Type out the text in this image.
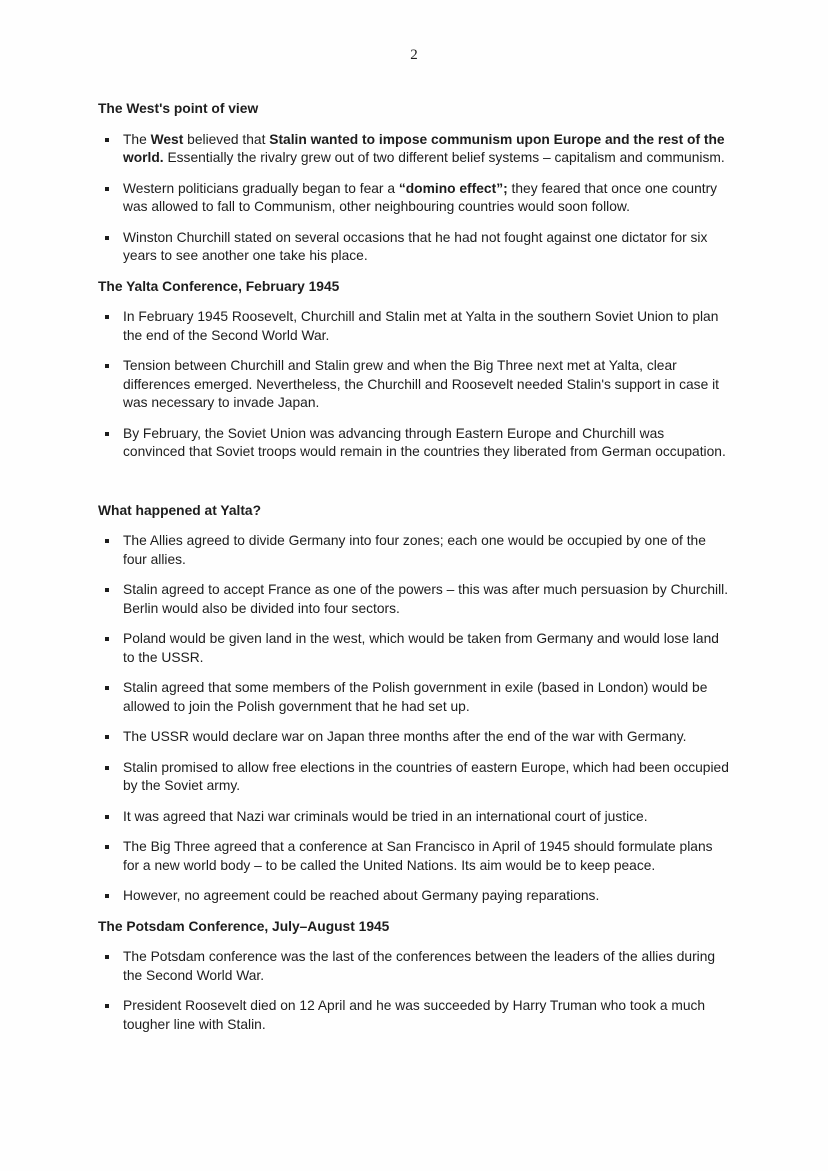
2
The West's point of view
The West believed that Stalin wanted to impose communism upon Europe and the rest of the world. Essentially the rivalry grew out of two different belief systems – capitalism and communism.
Western politicians gradually began to fear a “domino effect”; they feared that once one country was allowed to fall to Communism, other neighbouring countries would soon follow.
Winston Churchill stated on several occasions that he had not fought against one dictator for six years to see another one take his place.
The Yalta Conference, February 1945
In February 1945 Roosevelt, Churchill and Stalin met at Yalta in the southern Soviet Union to plan the end of the Second World War.
Tension between Churchill and Stalin grew and when the Big Three next met at Yalta, clear differences emerged. Nevertheless, the Churchill and Roosevelt needed Stalin's support in case it was necessary to invade Japan.
By February, the Soviet Union was advancing through Eastern Europe and Churchill was convinced that Soviet troops would remain in the countries they liberated from German occupation.
What happened at Yalta?
The Allies agreed to divide Germany into four zones; each one would be occupied by one of the four allies.
Stalin agreed to accept France as one of the powers – this was after much persuasion by Churchill. Berlin would also be divided into four sectors.
Poland would be given land in the west, which would be taken from Germany and would lose land to the USSR.
Stalin agreed that some members of the Polish government in exile (based in London) would be allowed to join the Polish government that he had set up.
The USSR would declare war on Japan three months after the end of the war with Germany.
Stalin promised to allow free elections in the countries of eastern Europe, which had been occupied by the Soviet army.
It was agreed that Nazi war criminals would be tried in an international court of justice.
The Big Three agreed that a conference at San Francisco in April of 1945 should formulate plans for a new world body – to be called the United Nations. Its aim would be to keep peace.
However, no agreement could be reached about Germany paying reparations.
The Potsdam Conference, July–August 1945
The Potsdam conference was the last of the conferences between the leaders of the allies during the Second World War.
President Roosevelt died on 12 April and he was succeeded by Harry Truman who took a much tougher line with Stalin.
